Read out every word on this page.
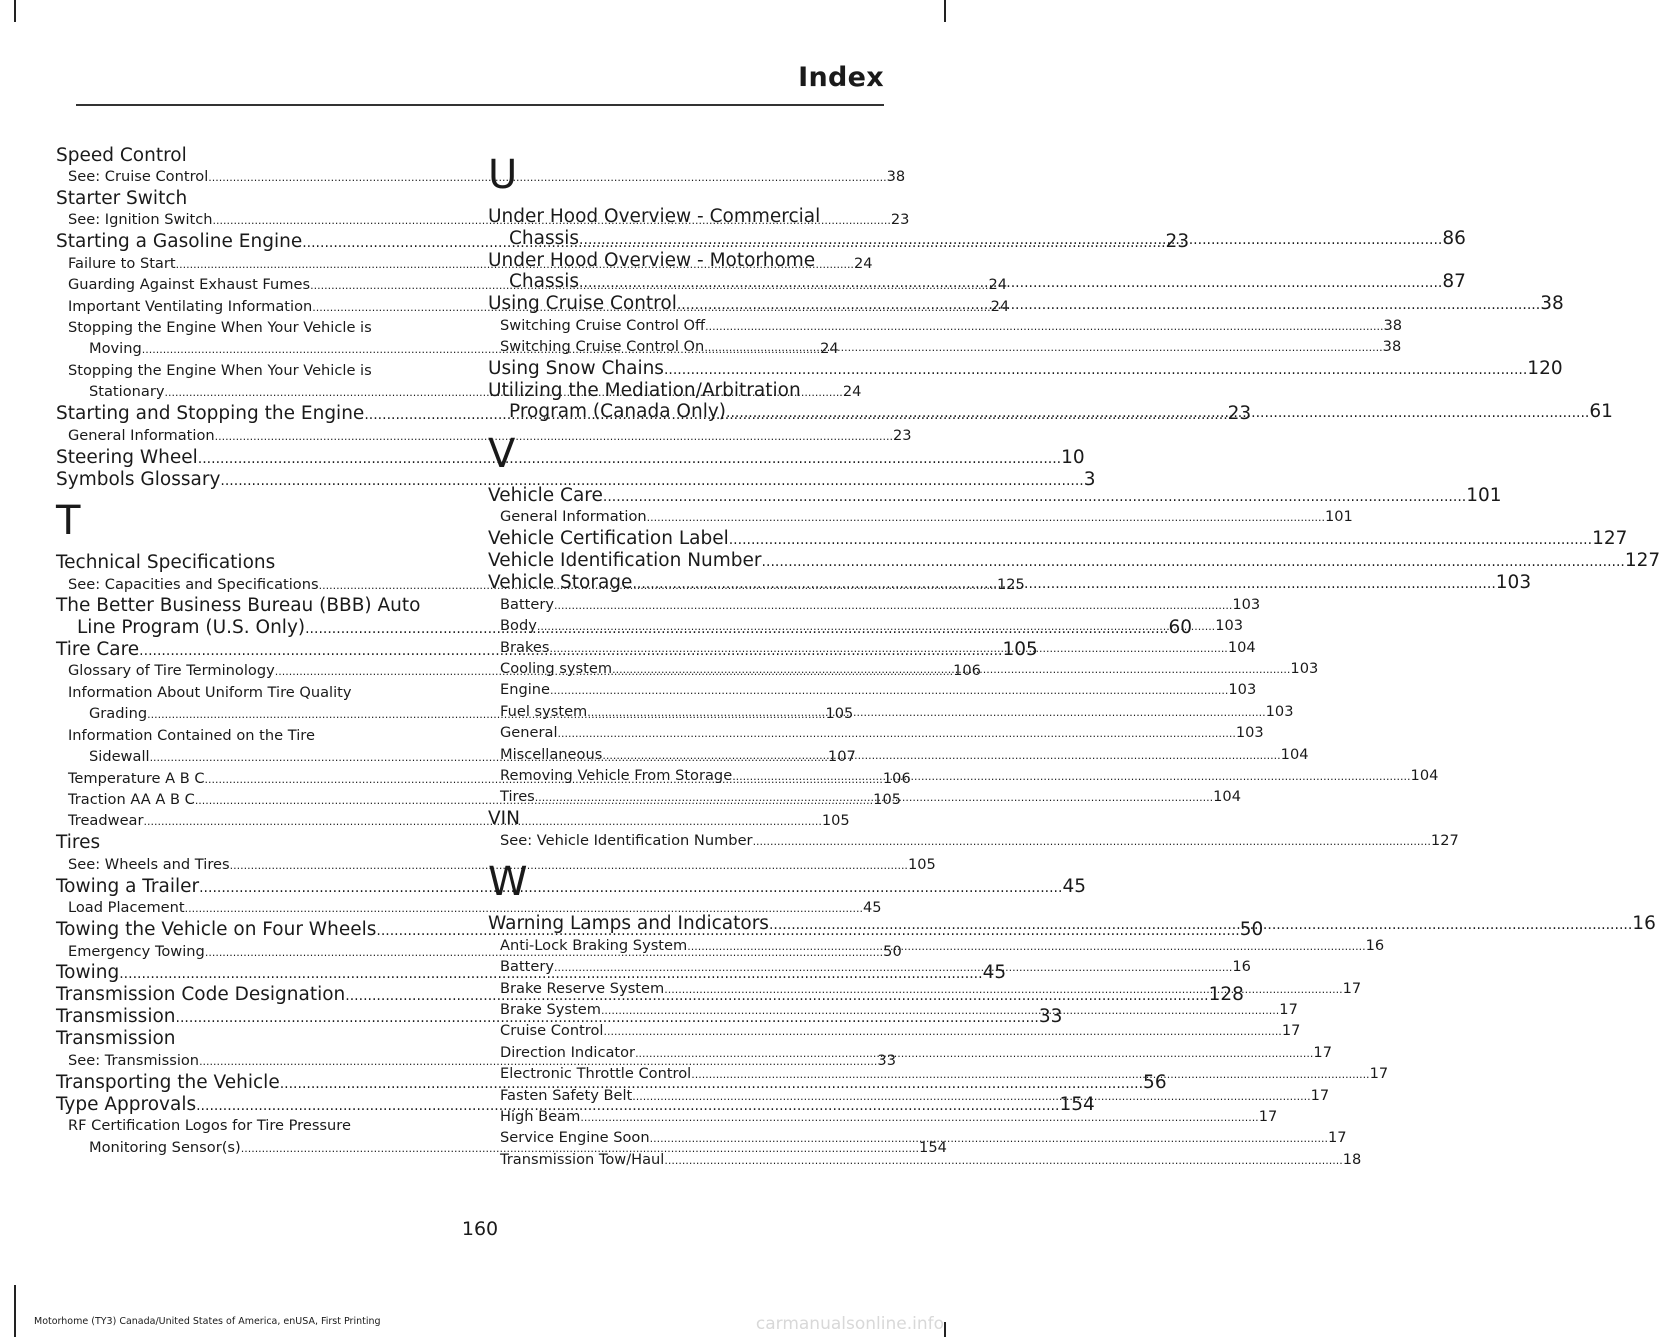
Index
Speed Control
See: Cruise Control .....	38
Starter Switch
See: Ignition Switch .....	23
Starting a Gasoline Engine .....	23
Failure to Start .....	24
Guarding Against Exhaust Fumes .....	24
Important Ventilating Information .....	24
Stopping the Engine When Your Vehicle is
Moving .....	24
Stopping the Engine When Your Vehicle is
Stationary .....	24
Starting and Stopping the Engine .....	23
General Information .....	23
Steering Wheel .....	10
Symbols Glossary .....	3
T
Technical Specifications
See: Capacities and Specifications .....	125
The Better Business Bureau (BBB) Auto
Line Program (U.S. Only) .....	60
Tire Care .....	105
Glossary of Tire Terminology .....	106
Information About Uniform Tire Quality
Grading .....	105
Information Contained on the Tire
Sidewall .....	107
Temperature A B C .....	106
Traction AA A B C .....	105
Treadwear .....	105
Tires
See: Wheels and Tires .....	105
Towing a Trailer .....	45
Load Placement .....	45
Towing the Vehicle on Four Wheels .....	50
Emergency Towing .....	50
Towing .....	45
Transmission Code Designation .....	128
Transmission .....	33
Transmission
See: Transmission .....	33
Transporting the Vehicle .....	56
Type Approvals .....	154
RF Certification Logos for Tire Pressure
Monitoring Sensor(s) .....	154
U
Under Hood Overview - Commercial
Chassis .....	86
Under Hood Overview - Motorhome
Chassis .....	87
Using Cruise Control .....	38
Switching Cruise Control Off .....	38
Switching Cruise Control On .....	38
Using Snow Chains .....	120
Utilizing the Mediation/Arbitration
Program (Canada Only) .....	61
V
Vehicle Care .....	101
General Information .....	101
Vehicle Certification Label .....	127
Vehicle Identification Number .....	127
Vehicle Storage .....	103
Battery .....	103
Body .....	103
Brakes .....	104
Cooling system .....	103
Engine .....	103
Fuel system .....	103
General .....	103
Miscellaneous .....	104
Removing Vehicle From Storage .....	104
Tires .....	104
VIN
See: Vehicle Identification Number .....	127
W
Warning Lamps and Indicators .....	16
Anti-Lock Braking System .....	16
Battery .....	16
Brake Reserve System .....	17
Brake System .....	17
Cruise Control .....	17
Direction Indicator .....	17
Electronic Throttle Control .....	17
Fasten Safety Belt .....	17
High Beam .....	17
Service Engine Soon .....	17
Transmission Tow/Haul .....	18
160
Motorhome (TY3) Canada/United States of America, enUSA, First Printing	carmanualsonline.info
